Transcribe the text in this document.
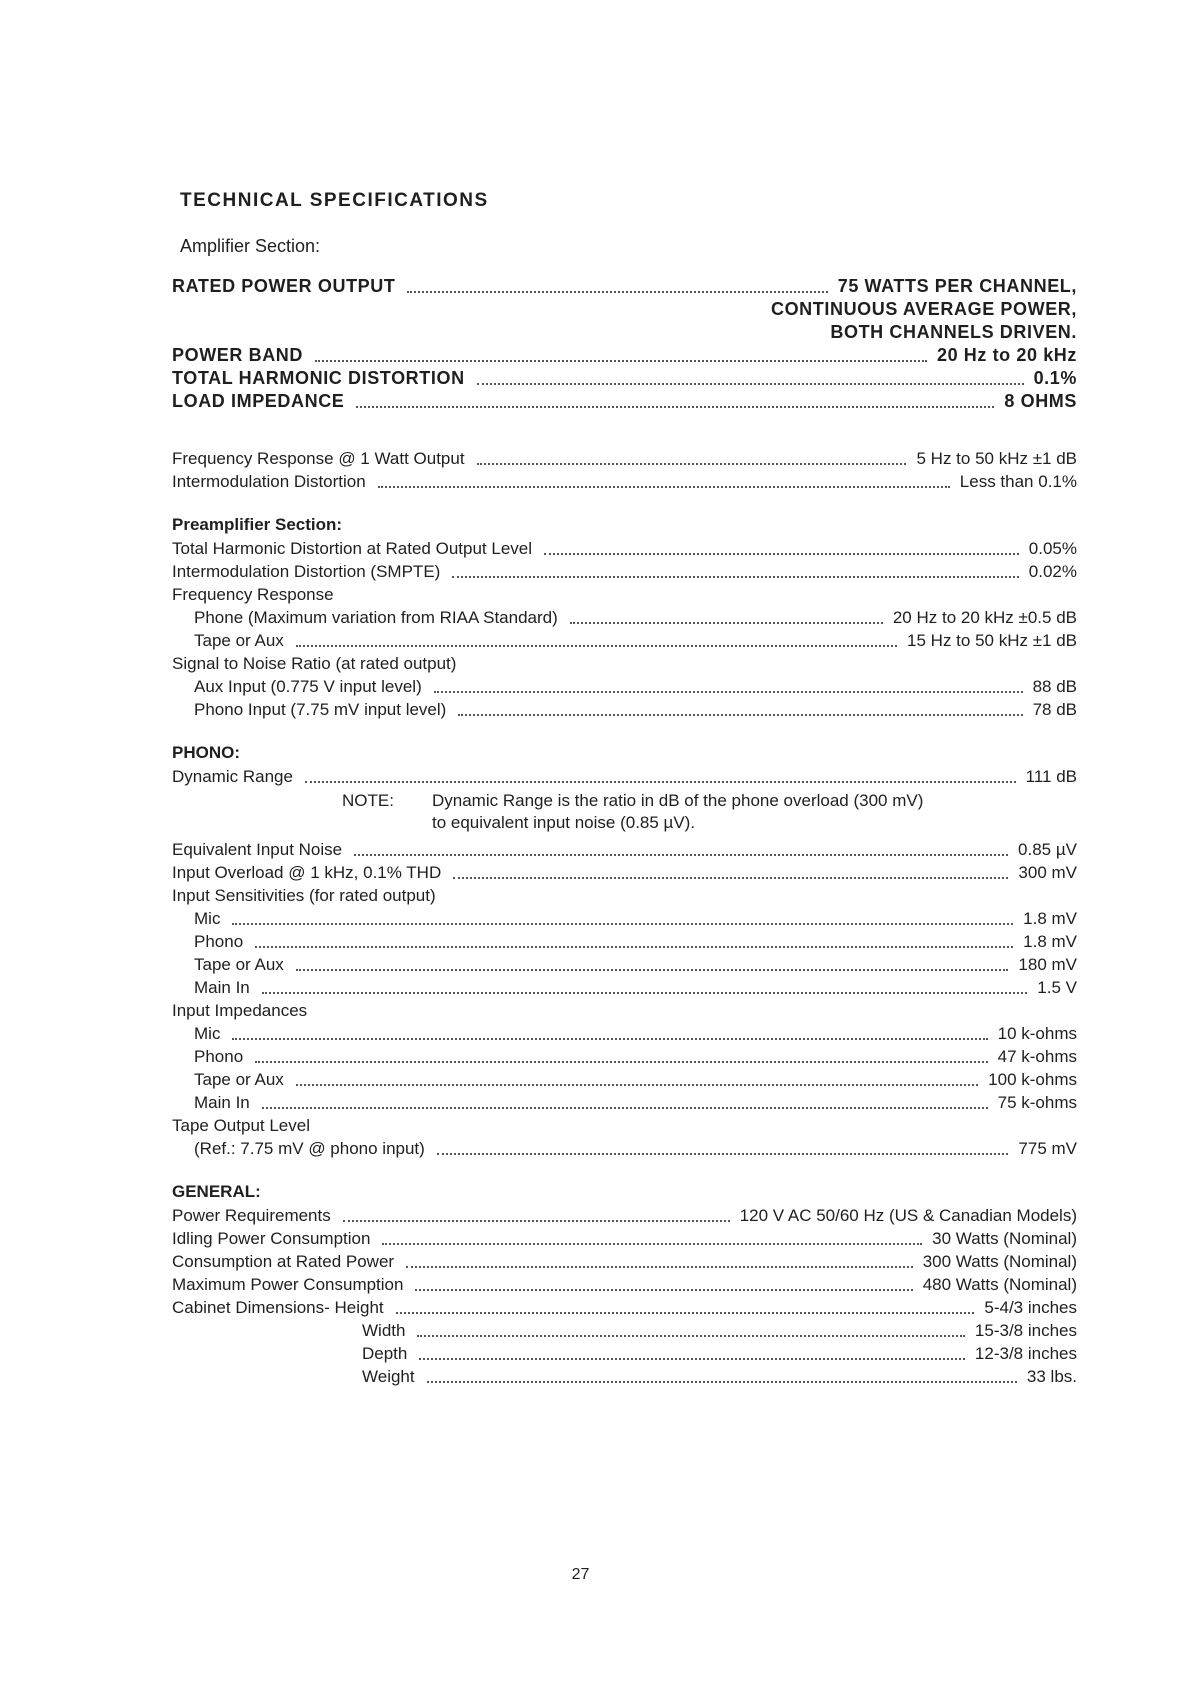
TECHNICAL SPECIFICATIONS
Amplifier Section:
RATED POWER OUTPUT	75 WATTS PER CHANNEL,
CONTINUOUS AVERAGE POWER,
BOTH CHANNELS DRIVEN.
POWER BAND	20 Hz to 20 kHz
TOTAL HARMONIC DISTORTION	0.1%
LOAD IMPEDANCE	8 OHMS
Frequency Response @ 1 Watt Output	5 Hz to 50 kHz ±1 dB
Intermodulation Distortion	Less than 0.1%
Preamplifier Section:
Total Harmonic Distortion at Rated Output Level	0.05%
Intermodulation Distortion (SMPTE)	0.02%
Frequency Response
Phone (Maximum variation from RIAA Standard)	20 Hz to 20 kHz ±0.5 dB
Tape or Aux	15 Hz to 50 kHz ±1 dB
Signal to Noise Ratio (at rated output)
Aux Input (0.775 V input level)	88 dB
Phono Input (7.75 mV input level)	78 dB
PHONO:
Dynamic Range	111 dB
NOTE: Dynamic Range is the ratio in dB of the phone overload (300 mV)
to equivalent input noise (0.85 µV).
Equivalent Input Noise	0.85 µV
Input Overload @ 1 kHz, 0.1% THD	300 mV
Input Sensitivities (for rated output)
Mic	1.8 mV
Phono	1.8 mV
Tape or Aux	180 mV
Main In	1.5 V
Input Impedances
Mic	10 k-ohms
Phono	47 k-ohms
Tape or Aux	100 k-ohms
Main In	75 k-ohms
Tape Output Level
(Ref.: 7.75 mV @ phono input)	775 mV
GENERAL:
Power Requirements	120 V AC 50/60 Hz (US & Canadian Models)
Idling Power Consumption	30 Watts (Nominal)
Consumption at Rated Power	300 Watts (Nominal)
Maximum Power Consumption	480 Watts (Nominal)
Cabinet Dimensions- Height	5-4/3 inches
Width	15-3/8 inches
Depth	12-3/8 inches
Weight	33 lbs.
27
